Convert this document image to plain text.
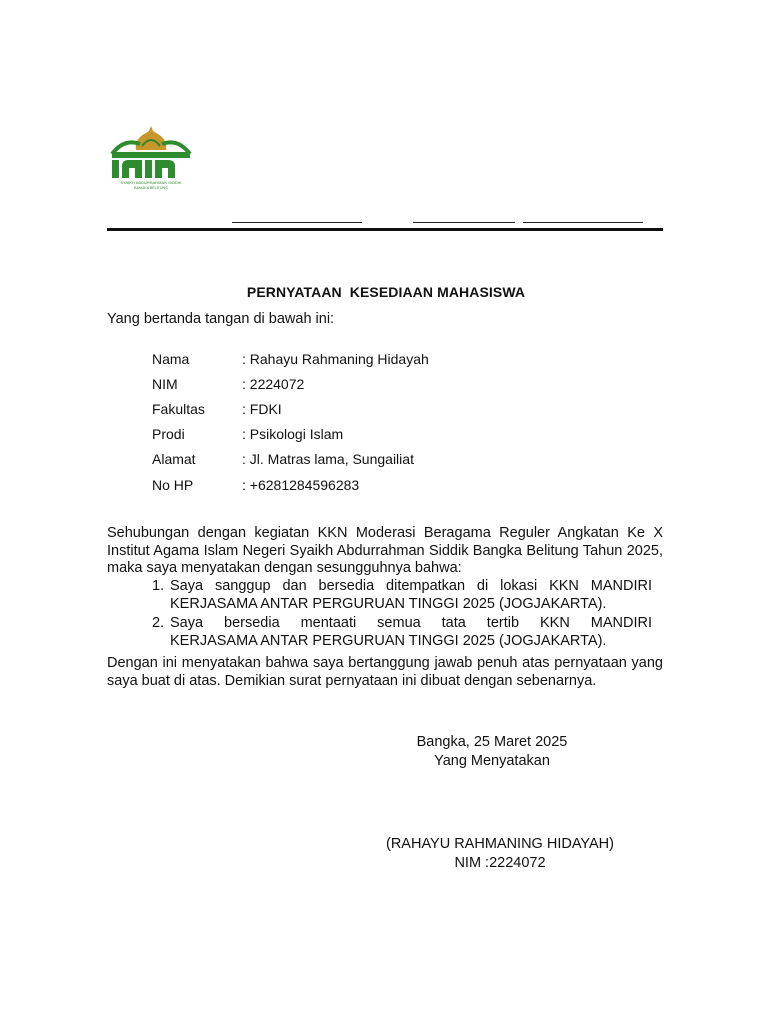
SYAIKH ABDURRAHMAN SIDDIK
BANGKA BELITUNG
PERNYATAAN  KESEDIAAN MAHASISWA
Yang bertanda tangan di bawah ini:
Nama	: Rahayu Rahmaning Hidayah
NIM	: 2224072
Fakultas	: FDKI
Prodi	: Psikologi Islam
Alamat	: Jl. Matras lama, Sungailiat
No HP	: +6281284596283
Sehubungan dengan kegiatan KKN Moderasi Beragama Reguler Angkatan Ke X Institut Agama Islam Negeri Syaikh Abdurrahman Siddik Bangka Belitung Tahun 2025, maka saya menyatakan dengan sesungguhnya bahwa:
1. Saya sanggup dan bersedia ditempatkan di lokasi KKN MANDIRI
KERJASAMA ANTAR PERGURUAN TINGGI 2025 (JOGJAKARTA).
2. Saya bersedia mentaati semua tata tertib KKN MANDIRI
KERJASAMA ANTAR PERGURUAN TINGGI 2025 (JOGJAKARTA).
Dengan ini menyatakan bahwa saya bertanggung jawab penuh atas pernyataan yang saya buat di atas. Demikian surat pernyataan ini dibuat dengan sebenarnya.
Bangka, 25 Maret 2025
Yang Menyatakan
(RAHAYU RAHMANING HIDAYAH)
NIM :2224072
